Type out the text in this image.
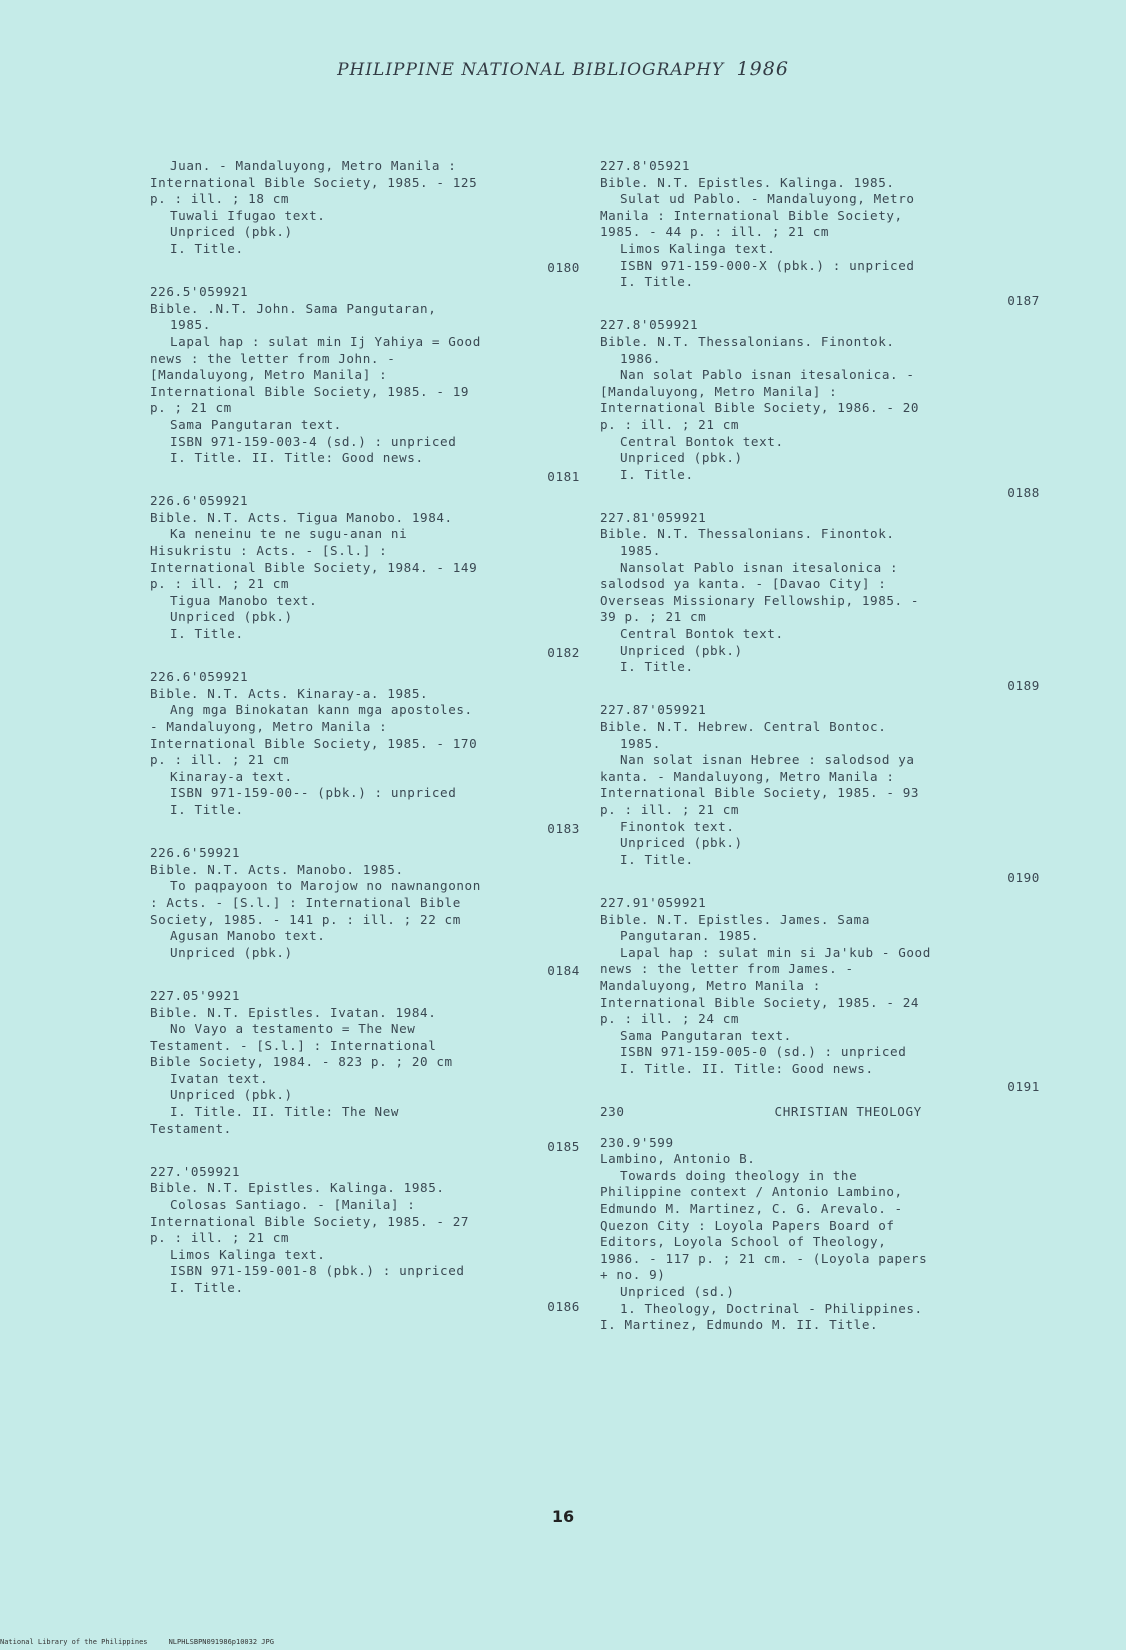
PHILIPPINE NATIONAL BIBLIOGRAPHY 1986
Juan. - Mandaluyong, Metro Manila :
International Bible Society, 1985. - 125
p. : ill. ; 18 cm
Tuwali Ifugao text.
Unpriced (pbk.)
I. Title.
0180
226.5'059921
Bible. .N.T. John. Sama Pangutaran,
1985.
Lapal hap : sulat min Ij Yahiya = Good
news : the letter from John. -
[Mandaluyong, Metro Manila] :
International Bible Society, 1985. - 19
p. ; 21 cm
Sama Pangutaran text.
ISBN 971-159-003-4 (sd.) : unpriced
I. Title. II. Title: Good news.
0181
226.6'059921
Bible. N.T. Acts. Tigua Manobo. 1984.
Ka neneinu te ne sugu-anan ni
Hisukristu : Acts. - [S.l.] :
International Bible Society, 1984. - 149
p. : ill. ; 21 cm
Tigua Manobo text.
Unpriced (pbk.)
I. Title.
0182
226.6'059921
Bible. N.T. Acts. Kinaray-a. 1985.
Ang mga Binokatan kann mga apostoles.
- Mandaluyong, Metro Manila :
International Bible Society, 1985. - 170
p. : ill. ; 21 cm
Kinaray-a text.
ISBN 971-159-00-- (pbk.) : unpriced
I. Title.
0183
226.6'59921
Bible. N.T. Acts. Manobo. 1985.
To paqpayoon to Marojow no nawnangonon
: Acts. - [S.l.] : International Bible
Society, 1985. - 141 p. : ill. ; 22 cm
Agusan Manobo text.
Unpriced (pbk.)
0184
227.05'9921
Bible. N.T. Epistles. Ivatan. 1984.
No Vayo a testamento = The New
Testament. - [S.l.] : International
Bible Society, 1984. - 823 p. ; 20 cm
Ivatan text.
Unpriced (pbk.)
I. Title. II. Title: The New
Testament.
0185
227.'059921
Bible. N.T. Epistles. Kalinga. 1985.
Colosas Santiago. - [Manila] :
International Bible Society, 1985. - 27
p. : ill. ; 21 cm
Limos Kalinga text.
ISBN 971-159-001-8 (pbk.) : unpriced
I. Title.
0186
227.8'05921
Bible. N.T. Epistles. Kalinga. 1985.
Sulat ud Pablo. - Mandaluyong, Metro
Manila : International Bible Society,
1985. - 44 p. : ill. ; 21 cm
Limos Kalinga text.
ISBN 971-159-000-X (pbk.) : unpriced
I. Title.
0187
227.8'059921
Bible. N.T. Thessalonians. Finontok.
1986.
Nan solat Pablo isnan itesalonica. -
[Mandaluyong, Metro Manila] :
International Bible Society, 1986. - 20
p. : ill. ; 21 cm
Central Bontok text.
Unpriced (pbk.)
I. Title.
0188
227.81'059921
Bible. N.T. Thessalonians. Finontok.
1985.
Nansolat Pablo isnan itesalonica :
salodsod ya kanta. - [Davao City] :
Overseas Missionary Fellowship, 1985. -
39 p. ; 21 cm
Central Bontok text.
Unpriced (pbk.)
I. Title.
0189
227.87'059921
Bible. N.T. Hebrew. Central Bontoc.
1985.
Nan solat isnan Hebree : salodsod ya
kanta. - Mandaluyong, Metro Manila :
International Bible Society, 1985. - 93
p. : ill. ; 21 cm
Finontok text.
Unpriced (pbk.)
I. Title.
0190
227.91'059921
Bible. N.T. Epistles. James. Sama
Pangutaran. 1985.
Lapal hap : sulat min si Ja'kub - Good
news : the letter from James. -
Mandaluyong, Metro Manila :
International Bible Society, 1985. - 24
p. : ill. ; 24 cm
Sama Pangutaran text.
ISBN 971-159-005-0 (sd.) : unpriced
I. Title. II. Title: Good news.
0191
230	CHRISTIAN THEOLOGY
230.9'599
Lambino, Antonio B.
Towards doing theology in the
Philippine context / Antonio Lambino,
Edmundo M. Martinez, C. G. Arevalo. -
Quezon City : Loyola Papers Board of
Editors, Loyola School of Theology,
1986. - 117 p. ; 21 cm. - (Loyola papers
+ no. 9)
Unpriced (sd.)
1. Theology, Doctrinal - Philippines.
I. Martinez, Edmundo M. II. Title.
16
National Library of the Philippines     NLPHLSBPN091986p10032 JPG
